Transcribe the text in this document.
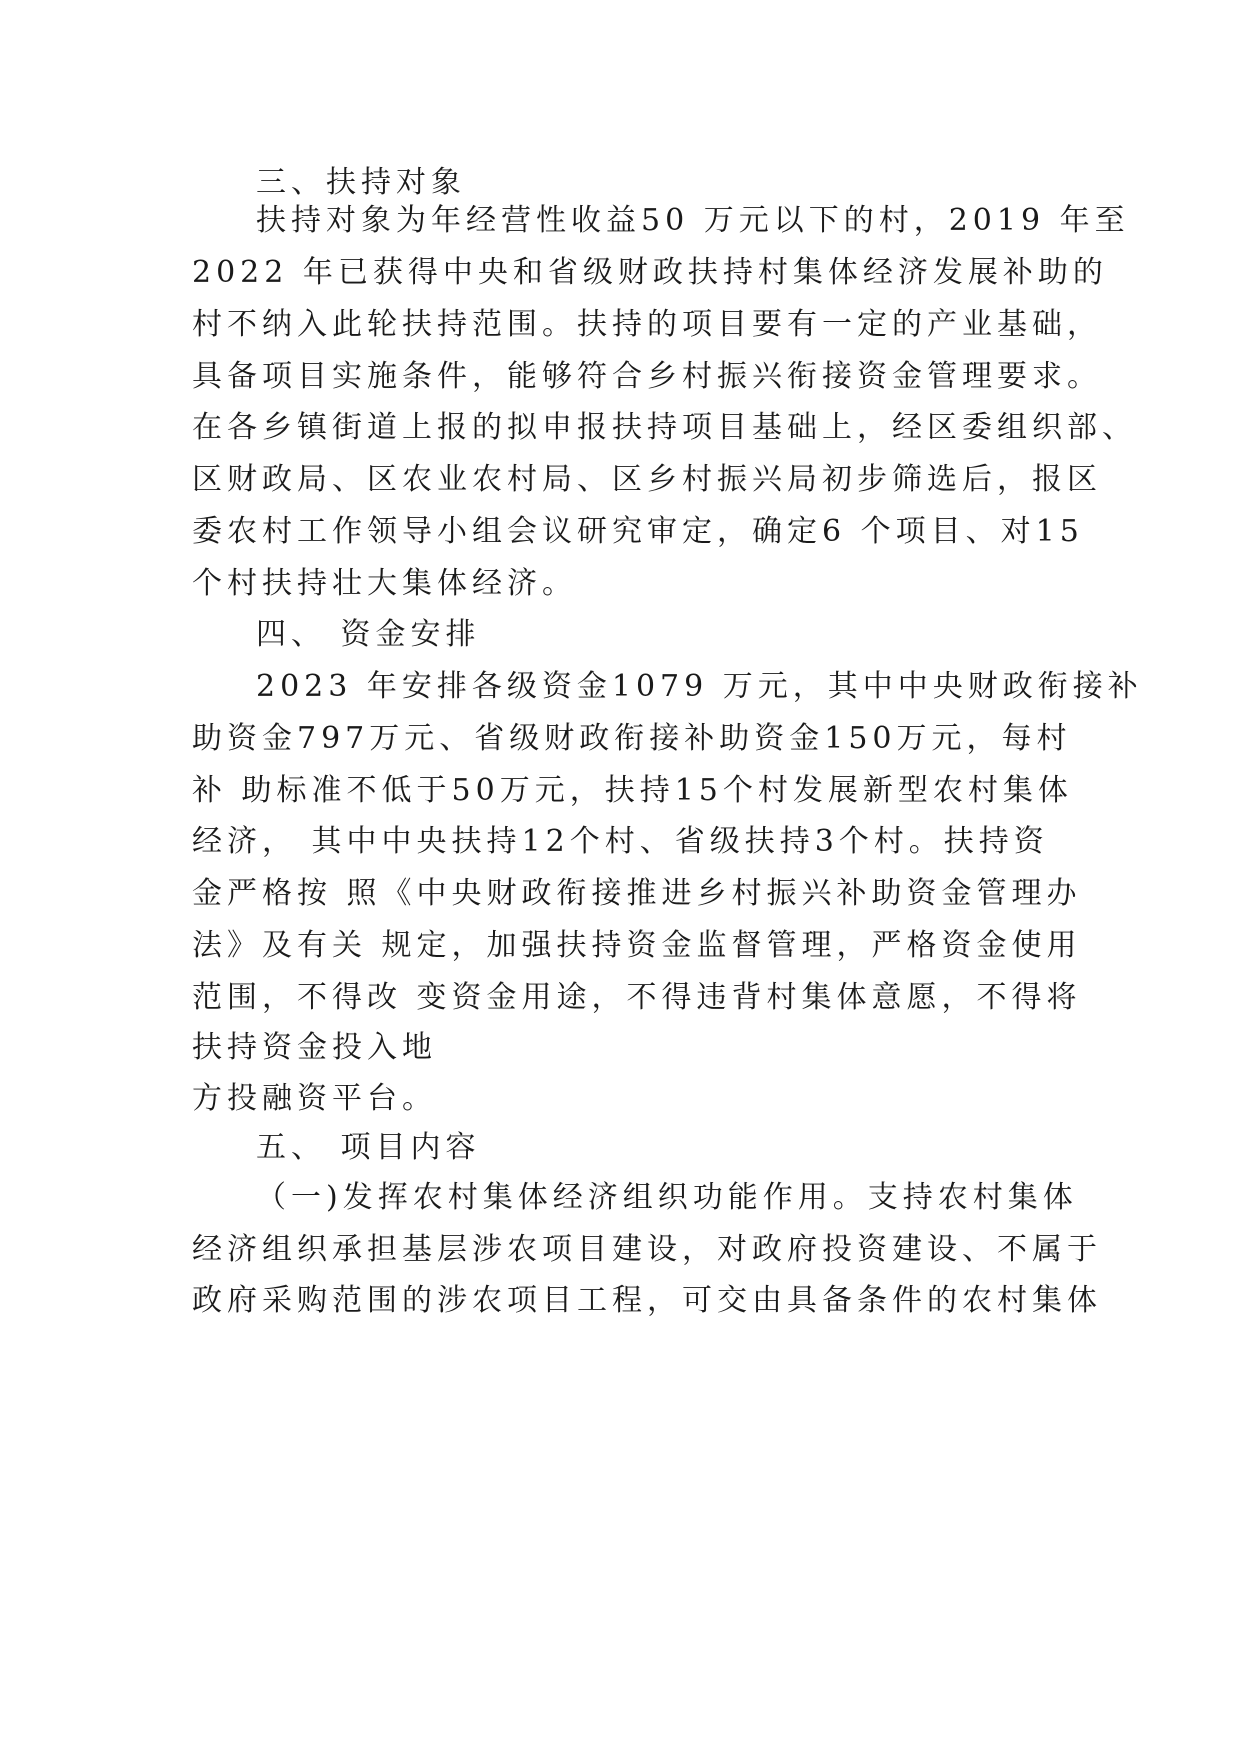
三、扶持对象
扶持对象为年经营性收益50 万元以下的村，2019 年至
2022 年已获得中央和省级财政扶持村集体经济发展补助的
村不纳入此轮扶持范围。扶持的项目要有一定的产业基础，
具备项目实施条件，能够符合乡村振兴衔接资金管理要求。
在各乡镇街道上报的拟申报扶持项目基础上，经区委组织部、
区财政局、区农业农村局、区乡村振兴局初步筛选后，报区
委农村工作领导小组会议研究审定，确定6 个项目、对15
个村扶持壮大集体经济。
四、 资金安排
2023 年安排各级资金1079 万元，其中中央财政衔接补
助资金797万元、省级财政衔接补助资金150万元，每村
补 助标准不低于50万元，扶持15个村发展新型农村集体
经济， 其中中央扶持12个村、省级扶持3个村。扶持资
金严格按 照《中央财政衔接推进乡村振兴补助资金管理办
法》及有关 规定，加强扶持资金监督管理，严格资金使用
范围，不得改 变资金用途，不得违背村集体意愿，不得将
扶持资金投入地
方投融资平台。
五、 项目内容
（一)发挥农村集体经济组织功能作用。支持农村集体
经济组织承担基层涉农项目建设，对政府投资建设、不属于
政府采购范围的涉农项目工程，可交由具备条件的农村集体
